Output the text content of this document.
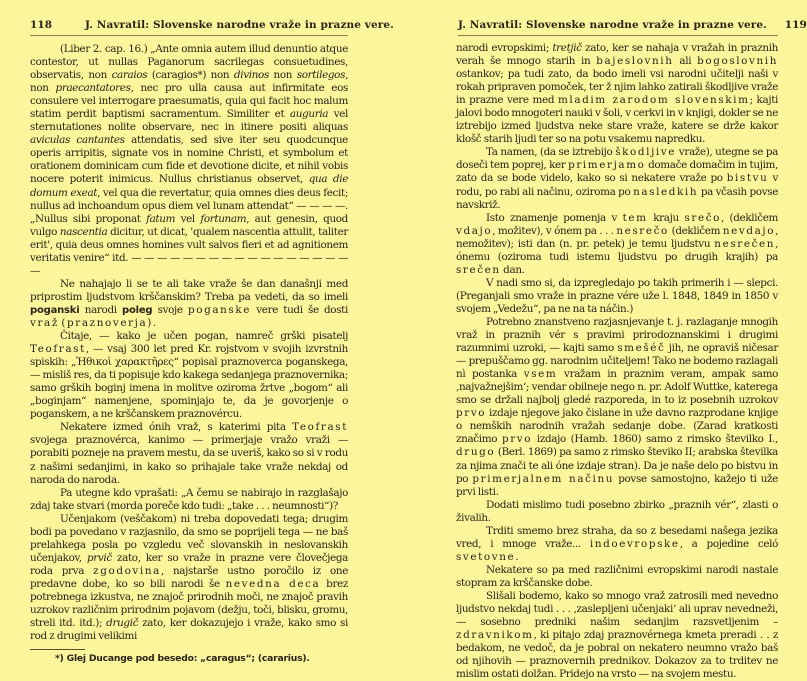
118	J. Navratil: Slovenske narodne vraže in prazne vere.

(Liber 2. cap. 16.) „Ante omnia autem illud denuntio atque contestor, ut nullas Paganorum sacrilegas consuetudines, observatis, non caraios (caragios*) non divinos non sortilegos, non praecantatores, nec pro ulla causa aut infirmitate eos consulere vel interrogare praesumatis, quia qui facit hoc malum statim perdit baptismi sacramentum. Similiter et auguria vel sternutationes nolite observare, nec in itinere positi aliquas aviculas cantantes attendatis, sed sive iter seu quodcunque operis arripitis, signate vos in nomine Christi, et symbolum et orationem dominicam cum fide et devotione dicite, et nihil vobis nocere poterit inimicus. Nullus christianus observet, qua die domum exeat, vel qua die revertatur, quia omnes dies deus fecit; nullus ad inchoandum opus diem vel lunam attendat“ — — — —. „Nullus sibi proponat fatum vel fortunam, aut genesin, quod vulgo nascentia dicitur, ut dicat, 'qualem nascentia attulit, taliter erit', quia deus omnes homines vult salvos fieri et ad agnitionem veritatis venire“ itd. — — — — — — — — — — — — — — — — — —

Ne nahajajo li se te ali take vraže še dan današnji med priprostim ljudstvom krščanskim? Treba pa vedeti, da so imeli poganski narodi poleg svoje poganske vere tudi še dosti vraž (praznoverja).

Čitaje, — kako je učen pogan, namreč grški pisatelj Teofrast, — vsaj 300 let pred Kr. rojstvom v svojih izvrstnih spiskih: „Ἠθικοὶ χαρακτῆρες“ popisal praznoverca poganskega, — misliš res, da ti popisuje kdo kakega sedanjega praznovernika; samo grških boginj imena in molitve oziroma žrtve „bogom“ ali „boginjam“ namenjene, spominjajo te, da je govorjenje o poganskem, a ne krščanskem praznovércu.

Nekatere izmed ónih vraž, s katerimi pita Teofrast svojega praznovérca, kanimo — primerjaje vražo vraži — porabiti pozneje na pravem mestu, da se uveriš, kako so si v rodu z našimi sedanjimi, in kako so prihajale take vraže nekdaj od naroda do naroda.

Pa utegne kdo vprašati: „A čemu se nabirajo in razglašajo zdaj take stvari (morda poreče kdo tudi: „take . . . neumnosti“)?

Učenjakom (veščakom) ni treba dopovedati tega; drugim bodi pa povedano v razjasnilo, da smo se poprijeli tega — ne baš prelahkega posla po vzgledu več slovanskih in neslovanskih učenjakov, prvič zato, ker so vraže in prazne vere človečjega roda prva zgodovina, najstarše ustno poročilo iz one predavne dobe, ko so bili narodi še nevedna deca brez potrebnega izkustva, ne znajoč prirodnih moči, ne znajoč pravih uzrokov različnim prirodnim pojavom (dežju, toči, blisku, gromu, streli itd. itd.); drugič zato, ker dokazujejo i vraže, kako smo si rod z drugimi velikimi

*) Glej Ducange pod besedo: „caragus“; (cararius).
J. Navratil: Slovenske narodne vraže in prazne vere.	119

narodi evropskimi; tretjič zato, ker se nahaja v vražah in praznih verah še mnogo starih in bajeslovnih ali bogoslovnih ostankov; pa tudi zato, da bodo imeli vsi narodni učitelji naši v rokah pripraven pomoček, ter ž njim lahko zatirali škodljive vraže in prazne vere med mladim zarodom slovenskim; kajti jalovi bodo mnogoteri nauki v šoli, v cerkvi in v knjigi, dokler se ne iztrebijo izmed ljudstva neke stare vraže, katere se drže kakor klošč starih ljudi ter so na potu vsakemu napredku.

Ta namen, (da se iztrebijo škodljive vraže), utegne se pa doseči tem poprej, ker primerjamo domače domačim in tujim, zato da se bode videlo, kako so si nekatere vraže po bistvu v rodu, po rabi ali načinu, oziroma po nasledkih pa včasih povse navskriž.

Isto znamenje pomenja v tem kraju srečo, (dekličem vdajo, možitev), v ónem pa . . . nesrečo (dekličem nevdajo, nemožitev); isti dan (n. pr. petek) je temu ljudstvu nesrečen, ónemu (oziroma tudi istemu ljudstvu po drugih krajih) pa srečen dan.

V nadi smo si, da izpregledajo po takih primerih i — slepci. (Preganjali smo vraže in prazne vére uže l. 1848, 1849 in 1850 v svojem „Vedežu“, pa ne na ta náčin.)

Potrebno znanstveno razjasnjevanje t. j. razlaganje mnogih vraž in praznih vér s pravimi prirodoznanskimi i drugimi razumnimi uzroki, — kajti samo smešéč jih, ne opraviš ničesar — prepuščamo gg. narodnim učiteljem! Tako ne bodemo razlagali nì postanka vsem vražam in praznim veram, ampak samo ‚najvažnejšim‘; vendar obilneje nego n. pr. Adolf Wuttke, katerega smo se držali najbolj gledé razporeda, in to iz posebnih uzrokov prvo izdaje njegove jako čislane in uže davno razprodane knjige o nemških narodnih vražah sedanje dobe. (Zarad kratkosti značimo prvo izdajo (Hamb. 1860) samo z rimsko številko I., drugo (Berl. 1869) pa samo z rimsko števiko II; arabska številka za njima znači te ali óne izdaje stran). Da je naše delo po bistvu in po primerjalnem načinu povse samostojno, kažejo ti uže prvi listi.

Dodati mislimo tudi posebno zbirko „praznih vér“, zlasti o živalih.

Trditi smemo brez straha, da so z besedami našega jezika vred, i mnoge vraže... indoevropske, a pojedine celó svetovne.

Nekatere so pa med različnimi evropskimi narodi nastale stopram za krščanske dobe.

Slišali bodemo, kako so mnogo vraž zatrosili med nevedno ljudstvo nekdaj tudi . . . ‚zaslepljeni učenjaki‘ ali uprav nevedneži, — sosebno predniki našim sedanjim razsvetljenim – zdravnikom, ki pitajo zdaj praznovérnega kmeta preradi . . z bedakom, ne vedoč, da je pobral on nekatero neumno vražo baš od njihovih — praznovernih prednikov. Dokazov za to trditev ne mislim ostati dolžan. Pridejo na vrsto — na svojem mestu.
